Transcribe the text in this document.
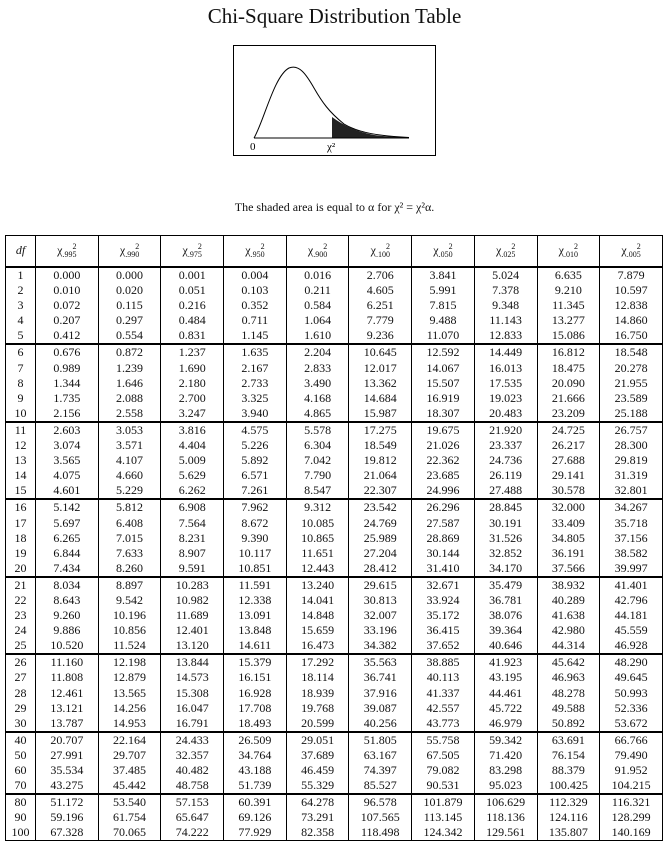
Chi-Square Distribution Table
0	χ²
The shaded area is equal to α for χ² = χ²α.
df	$\chi_{.995}^2$	$\chi_{.990}^2$	$\chi_{.975}^2$	$\chi_{.950}^2$	$\chi_{.900}^2$	$\chi_{.100}^2$	$\chi_{.050}^2$	$\chi_{.025}^2$	$\chi_{.010}^2$	$\chi_{.005}^2$
1	0.000	0.000	0.001	0.004	0.016	2.706	3.841	5.024	6.635	7.879
2	0.010	0.020	0.051	0.103	0.211	4.605	5.991	7.378	9.210	10.597
3	0.072	0.115	0.216	0.352	0.584	6.251	7.815	9.348	11.345	12.838
4	0.207	0.297	0.484	0.711	1.064	7.779	9.488	11.143	13.277	14.860
5	0.412	0.554	0.831	1.145	1.610	9.236	11.070	12.833	15.086	16.750
6	0.676	0.872	1.237	1.635	2.204	10.645	12.592	14.449	16.812	18.548
7	0.989	1.239	1.690	2.167	2.833	12.017	14.067	16.013	18.475	20.278
8	1.344	1.646	2.180	2.733	3.490	13.362	15.507	17.535	20.090	21.955
9	1.735	2.088	2.700	3.325	4.168	14.684	16.919	19.023	21.666	23.589
10	2.156	2.558	3.247	3.940	4.865	15.987	18.307	20.483	23.209	25.188
11	2.603	3.053	3.816	4.575	5.578	17.275	19.675	21.920	24.725	26.757
12	3.074	3.571	4.404	5.226	6.304	18.549	21.026	23.337	26.217	28.300
13	3.565	4.107	5.009	5.892	7.042	19.812	22.362	24.736	27.688	29.819
14	4.075	4.660	5.629	6.571	7.790	21.064	23.685	26.119	29.141	31.319
15	4.601	5.229	6.262	7.261	8.547	22.307	24.996	27.488	30.578	32.801
16	5.142	5.812	6.908	7.962	9.312	23.542	26.296	28.845	32.000	34.267
17	5.697	6.408	7.564	8.672	10.085	24.769	27.587	30.191	33.409	35.718
18	6.265	7.015	8.231	9.390	10.865	25.989	28.869	31.526	34.805	37.156
19	6.844	7.633	8.907	10.117	11.651	27.204	30.144	32.852	36.191	38.582
20	7.434	8.260	9.591	10.851	12.443	28.412	31.410	34.170	37.566	39.997
21	8.034	8.897	10.283	11.591	13.240	29.615	32.671	35.479	38.932	41.401
22	8.643	9.542	10.982	12.338	14.041	30.813	33.924	36.781	40.289	42.796
23	9.260	10.196	11.689	13.091	14.848	32.007	35.172	38.076	41.638	44.181
24	9.886	10.856	12.401	13.848	15.659	33.196	36.415	39.364	42.980	45.559
25	10.520	11.524	13.120	14.611	16.473	34.382	37.652	40.646	44.314	46.928
26	11.160	12.198	13.844	15.379	17.292	35.563	38.885	41.923	45.642	48.290
27	11.808	12.879	14.573	16.151	18.114	36.741	40.113	43.195	46.963	49.645
28	12.461	13.565	15.308	16.928	18.939	37.916	41.337	44.461	48.278	50.993
29	13.121	14.256	16.047	17.708	19.768	39.087	42.557	45.722	49.588	52.336
30	13.787	14.953	16.791	18.493	20.599	40.256	43.773	46.979	50.892	53.672
40	20.707	22.164	24.433	26.509	29.051	51.805	55.758	59.342	63.691	66.766
50	27.991	29.707	32.357	34.764	37.689	63.167	67.505	71.420	76.154	79.490
60	35.534	37.485	40.482	43.188	46.459	74.397	79.082	83.298	88.379	91.952
70	43.275	45.442	48.758	51.739	55.329	85.527	90.531	95.023	100.425	104.215
80	51.172	53.540	57.153	60.391	64.278	96.578	101.879	106.629	112.329	116.321
90	59.196	61.754	65.647	69.126	73.291	107.565	113.145	118.136	124.116	128.299
100	67.328	70.065	74.222	77.929	82.358	118.498	124.342	129.561	135.807	140.169
